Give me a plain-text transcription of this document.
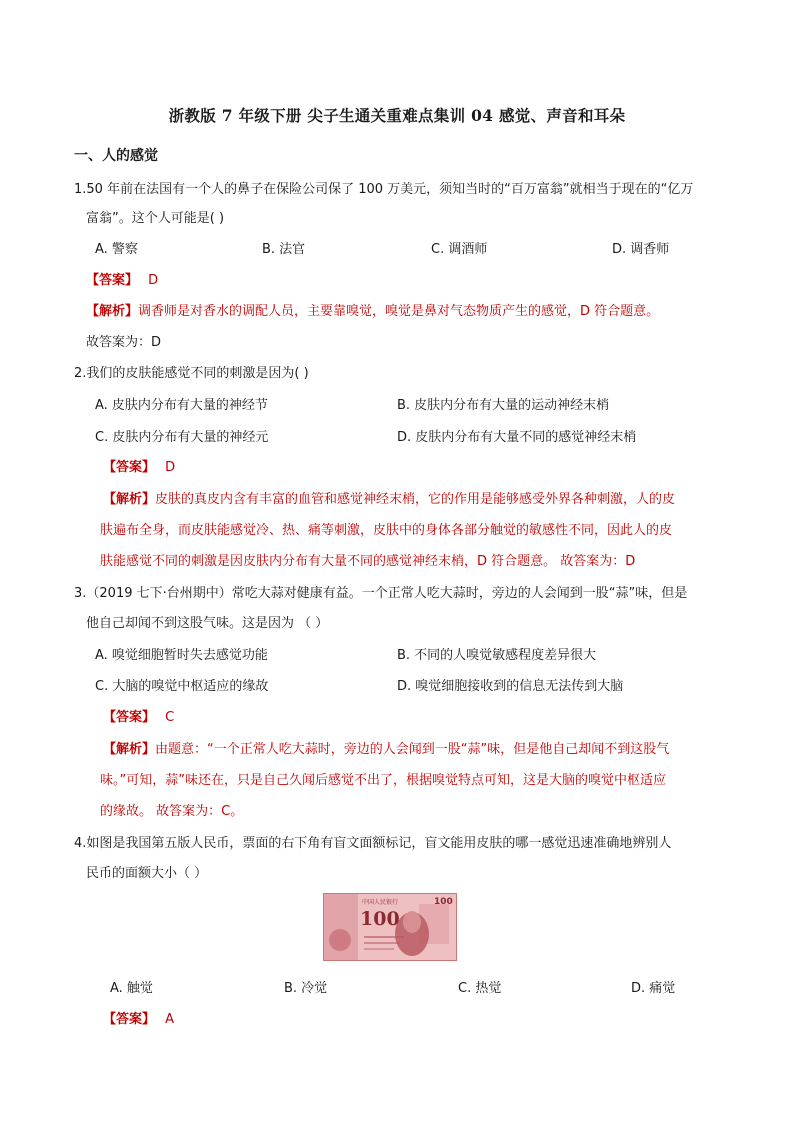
浙教版 7 年级下册 尖子生通关重难点集训 04 感觉、声音和耳朵
一、人的感觉
1.50 年前在法国有一个人的鼻子在保险公司保了 100 万美元，须知当时的“百万富翁”就相当于现在的“亿万
富翁”。这个人可能是( )
A. 警察	B. 法官	C. 调酒师	D. 调香师
【答案】 D
【解析】调香师是对香水的调配人员，主要靠嗅觉，嗅觉是鼻对气态物质产生的感觉，D 符合题意。
故答案为：D
2.我们的皮肤能感觉不同的刺激是因为( )
A. 皮肤内分布有大量的神经节	B. 皮肤内分布有大量的运动神经末梢
C. 皮肤内分布有大量的神经元	D. 皮肤内分布有大量不同的感觉神经末梢
【答案】 D
【解析】皮肤的真皮内含有丰富的血管和感觉神经末梢，它的作用是能够感受外界各种刺激，人的皮
肤遍布全身，而皮肤能感觉冷、热、痛等刺激，皮肤中的身体各部分触觉的敏感性不同，因此人的皮
肤能感觉不同的刺激是因皮肤内分布有大量不同的感觉神经末梢，D 符合题意。 故答案为：D
3.（2019 七下·台州期中）常吃大蒜对健康有益。一个正常人吃大蒜时，旁边的人会闻到一股“蒜”味，但是
他自己却闻不到这股气味。这是因为 （ ）
A. 嗅觉细胞暂时失去感觉功能	B. 不同的人嗅觉敏感程度差异很大
C. 大脑的嗅觉中枢适应的缘故	D. 嗅觉细胞接收到的信息无法传到大脑
【答案】 C
【解析】由题意：“一个正常人吃大蒜时，旁边的人会闻到一股“蒜”味，但是他自己却闻不到这股气
味。”可知，蒜”味还在，只是自己久闻后感觉不出了，根据嗅觉特点可知，这是大脑的嗅觉中枢适应
的缘故。 故答案为：C。
4.如图是我国第五版人民币，票面的右下角有盲文面额标记，盲文能用皮肤的哪一感觉迅速准确地辨别人
民币的面额大小（ ）
中国人民银行
100
100
A. 触觉	B. 冷觉	C. 热觉	D. 痛觉
【答案】 A
